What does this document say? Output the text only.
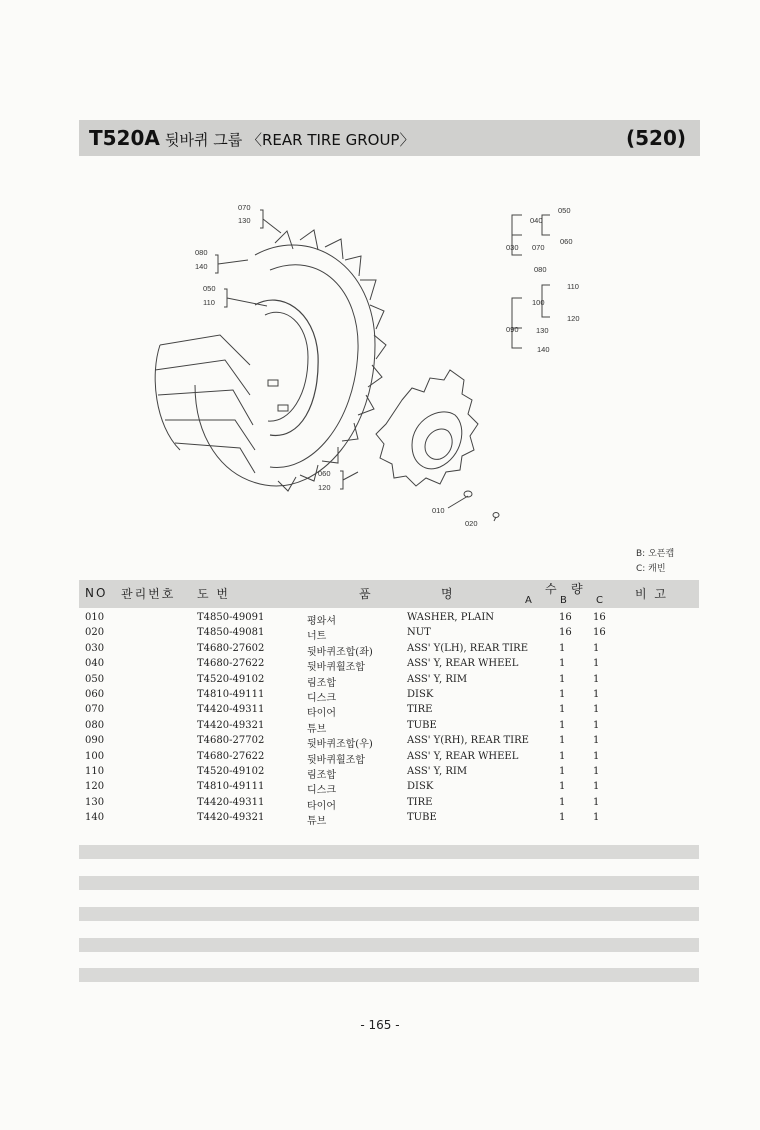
T520A 뒷바퀴 그룹 〈REAR TIRE GROUP〉	(520)
070
130
080
140
050
110
060
120
010
020
050
040
060
030 070
080
110
100
120
090 130
140
B: 오픈캡
C: 캐빈
NO 관리번호 도 번	품	명	수 량
A	B	C	비 고
010	T4850-49091	평와셔	WASHER, PLAIN	16 16
020	T4850-49081	너트	NUT	16 16
030	T4680-27602	뒷바퀴조합(좌)	ASS' Y(LH), REAR TIRE	1	1
040	T4680-27622	뒷바퀴휠조합	ASS' Y, REAR WHEEL	1	1
050	T4520-49102	림조합	ASS' Y, RIM	1	1
060	T4810-49111	디스크	DISK	1	1
070	T4420-49311	타이어	TIRE	1	1
080	T4420-49321	튜브	TUBE	1	1
090	T4680-27702	뒷바퀴조합(우)	ASS' Y(RH), REAR TIRE	1	1
100	T4680-27622	뒷바퀴휠조합	ASS' Y, REAR WHEEL	1	1
110	T4520-49102	림조합	ASS' Y, RIM	1	1
120	T4810-49111	디스크	DISK	1	1
130	T4420-49311	타이어	TIRE	1	1
140	T4420-49321	튜브	TUBE	1	1
- 165 -
